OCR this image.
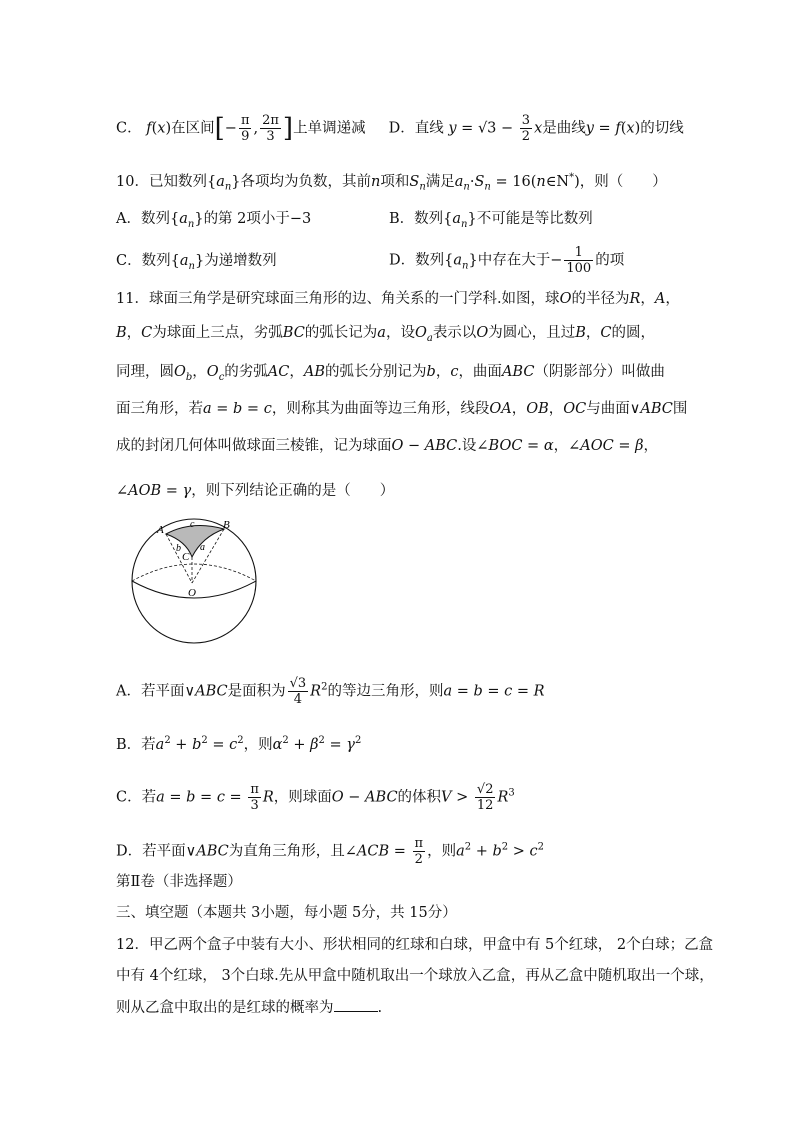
C． f(x)在区间[− $\frac{\pi}{9}$ , $\frac{2\pi}{3}$ ]上单调递减 D．直线 $y = √3 - \frac{3}{2}$ x是曲线y = f(x)的切线
10．已知数列$\{a_n\}$各项均为负数，其前n项和$S_n$满足$a_n\cdot S_n$ = 16(n∈N*)，则（　　）
A．数列$\{a_n\}$的第 2项小于−3	B．数列$\{a_n\}$不可能是等比数列
C．数列$\{a_n\}$为递增数列	D．数列$\{a_n\}$中存在大于− $\frac{1}{100}$ 的项
11．球面三角学是研究球面三角形的边、角关系的一门学科.如图，球O的半径为R，A，
B，C为球面上三点，劣弧BC的弧长记为a，设$O_a$表示以O为圆心，且过B，C的圆，
同理，圆$O_b$，$O_c$的劣弧AC，AB的弧长分别记为b，c，曲面ABC（阴影部分）叫做曲
面三角形，若a = b = c，则称其为曲面等边三角形，线段OA，OB，OC与曲面∨ABC围
成的封闭几何体叫做球面三棱锥，记为球面O − ABC.设∠BOC = α，∠AOC = β，
∠AOB = γ，则下列结论正确的是（　　）
A	B
C
O
c
b a
A．若平面∨ABC是面积为 $\frac{√3}{4} R^2$的等边三角形，则a = b = c = R
B．若$a^2 + b^2 = c^2$，则$\alpha^2 + \beta^2 = \gamma^2$
C．若$a = b = c = \frac{\pi}{3}$ R，则球面O − ABC的体积$V > \frac{√2}{12} R^3$
D．若平面∨ABC为直角三角形，且∠ACB = $\frac{\pi}{2}$ ，则$a^2 + b^2 > c^2$
第Ⅱ卷（非选择题）
三、填空题（本题共 3小题，每小题 5分，共 15分）
12．甲乙两个盒子中装有大小、形状相同的红球和白球，甲盒中有 5个红球， 2个白球；乙盒
中有 4个红球， 3个白球.先从甲盒中随机取出一个球放入乙盒，再从乙盒中随机取出一个球，
则从乙盒中取出的是红球的概率为	.
